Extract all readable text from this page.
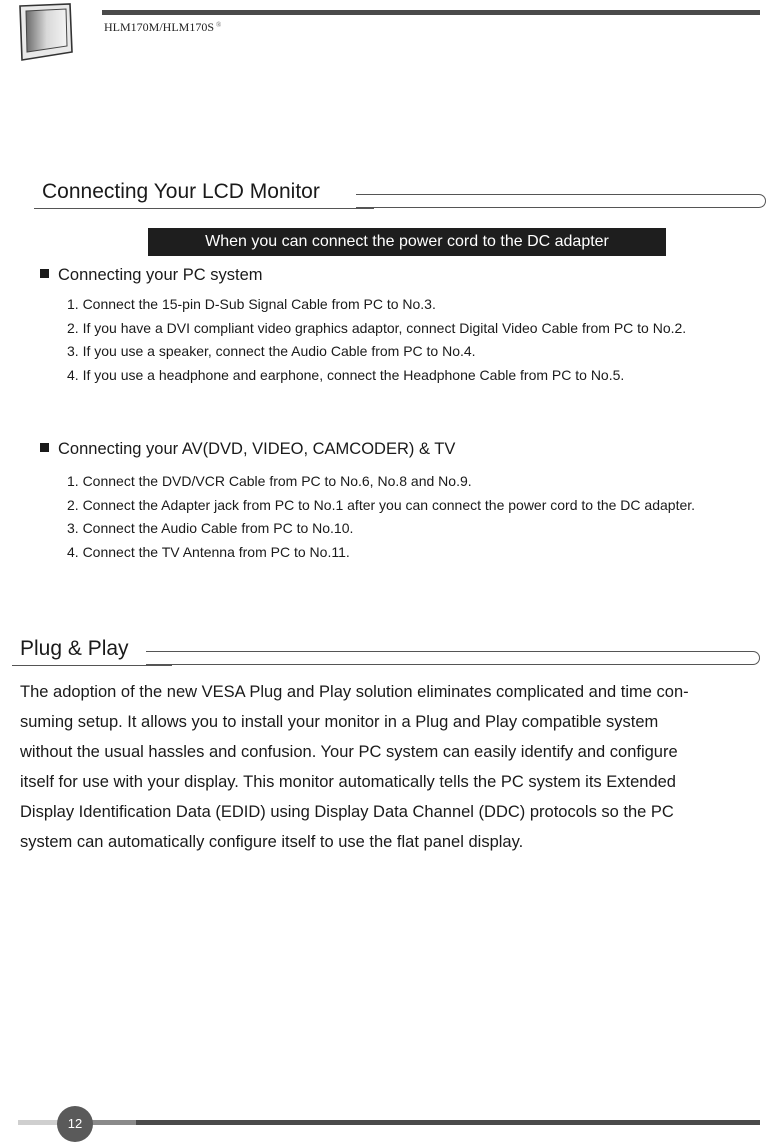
HLM170M/HLM170S ®
Connecting Your LCD Monitor
When you can connect the power cord to the DC adapter
Connecting your PC system
1. Connect the 15-pin D-Sub Signal Cable from PC to No.3.
2. If you have a DVI compliant video graphics adaptor, connect Digital Video Cable from PC to No.2.
3. If you use a speaker, connect the Audio Cable from PC to No.4.
4. If you use a headphone and earphone, connect the Headphone Cable from PC to No.5.
Connecting your AV(DVD, VIDEO, CAMCODER) & TV
1. Connect the DVD/VCR Cable from PC to No.6, No.8 and No.9.
2. Connect the Adapter jack from PC to No.1 after you can connect the power cord to the DC adapter.
3. Connect the Audio Cable from PC to No.10.
4. Connect the TV Antenna from PC to No.11.
Plug & Play
The adoption of the new VESA Plug and Play solution eliminates complicated and time con-
suming setup. It allows you to install your monitor in a Plug and Play compatible system
without the usual hassles and confusion. Your PC system can easily identify and configure
itself for use with your display. This monitor automatically tells the PC system its Extended
Display Identification Data (EDID) using Display Data Channel (DDC) protocols so the PC
system can automatically configure itself to use the flat panel display.
12
